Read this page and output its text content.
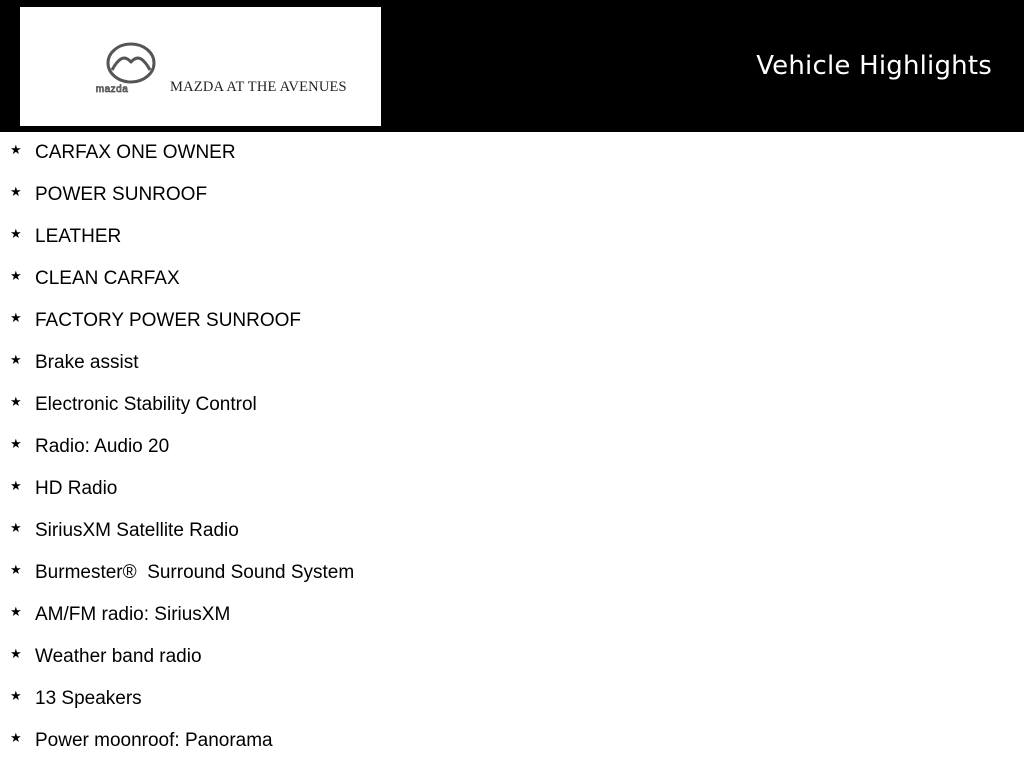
mazda	MAZDA AT THE AVENUES
Vehicle Highlights
★ CARFAX ONE OWNER
★ POWER SUNROOF
★ LEATHER
★ CLEAN CARFAX
★ FACTORY POWER SUNROOF
★ Brake assist
★ Electronic Stability Control
★ Radio: Audio 20
★ HD Radio
★ SiriusXM Satellite Radio
★ Burmester®  Surround Sound System
★ AM/FM radio: SiriusXM
★ Weather band radio
★ 13 Speakers
★ Power moonroof: Panorama
